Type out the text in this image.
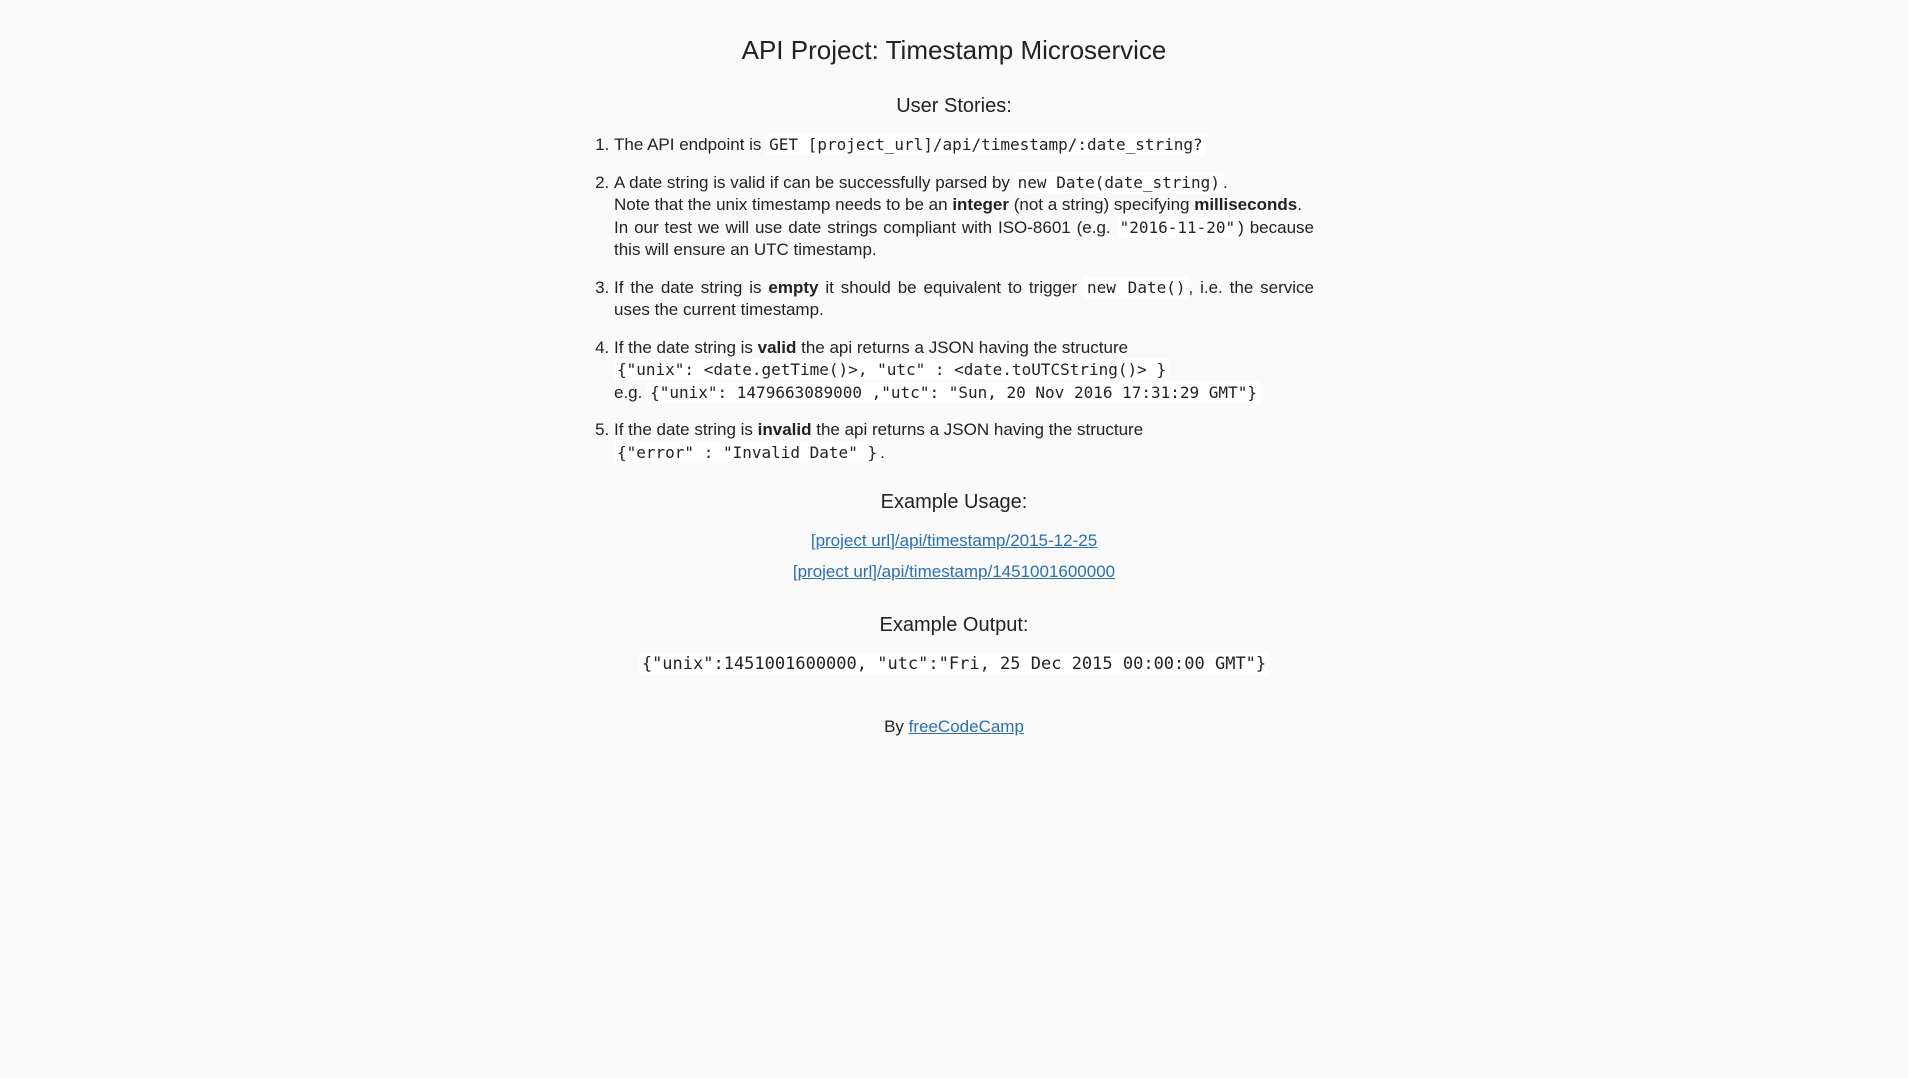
API Project: Timestamp Microservice
User Stories:
1. The API endpoint is GET [project_url]/api/timestamp/:date_string?
2. A date string is valid if can be successfully parsed by new Date(date_string) .
Note that the unix timestamp needs to be an integer (not a string) specifying milliseconds.
In our test we will use date strings compliant with ISO-8601 (e.g. "2016-11-20" ) because this will ensure an UTC timestamp.
3. If the date string is empty it should be equivalent to trigger new Date() , i.e. the service uses the current timestamp.
4. If the date string is valid the api returns a JSON having the structure
{"unix": <date.getTime()>, "utc" : <date.toUTCString()> }
e.g. {"unix": 1479663089000 ,"utc": "Sun, 20 Nov 2016 17:31:29 GMT"}
5. If the date string is invalid the api returns a JSON having the structure
{"error" : "Invalid Date" } .
Example Usage:
[project url]/api/timestamp/2015-12-25
[project url]/api/timestamp/1451001600000
Example Output:
{"unix":1451001600000, "utc":"Fri, 25 Dec 2015 00:00:00 GMT"}
By freeCodeCamp
